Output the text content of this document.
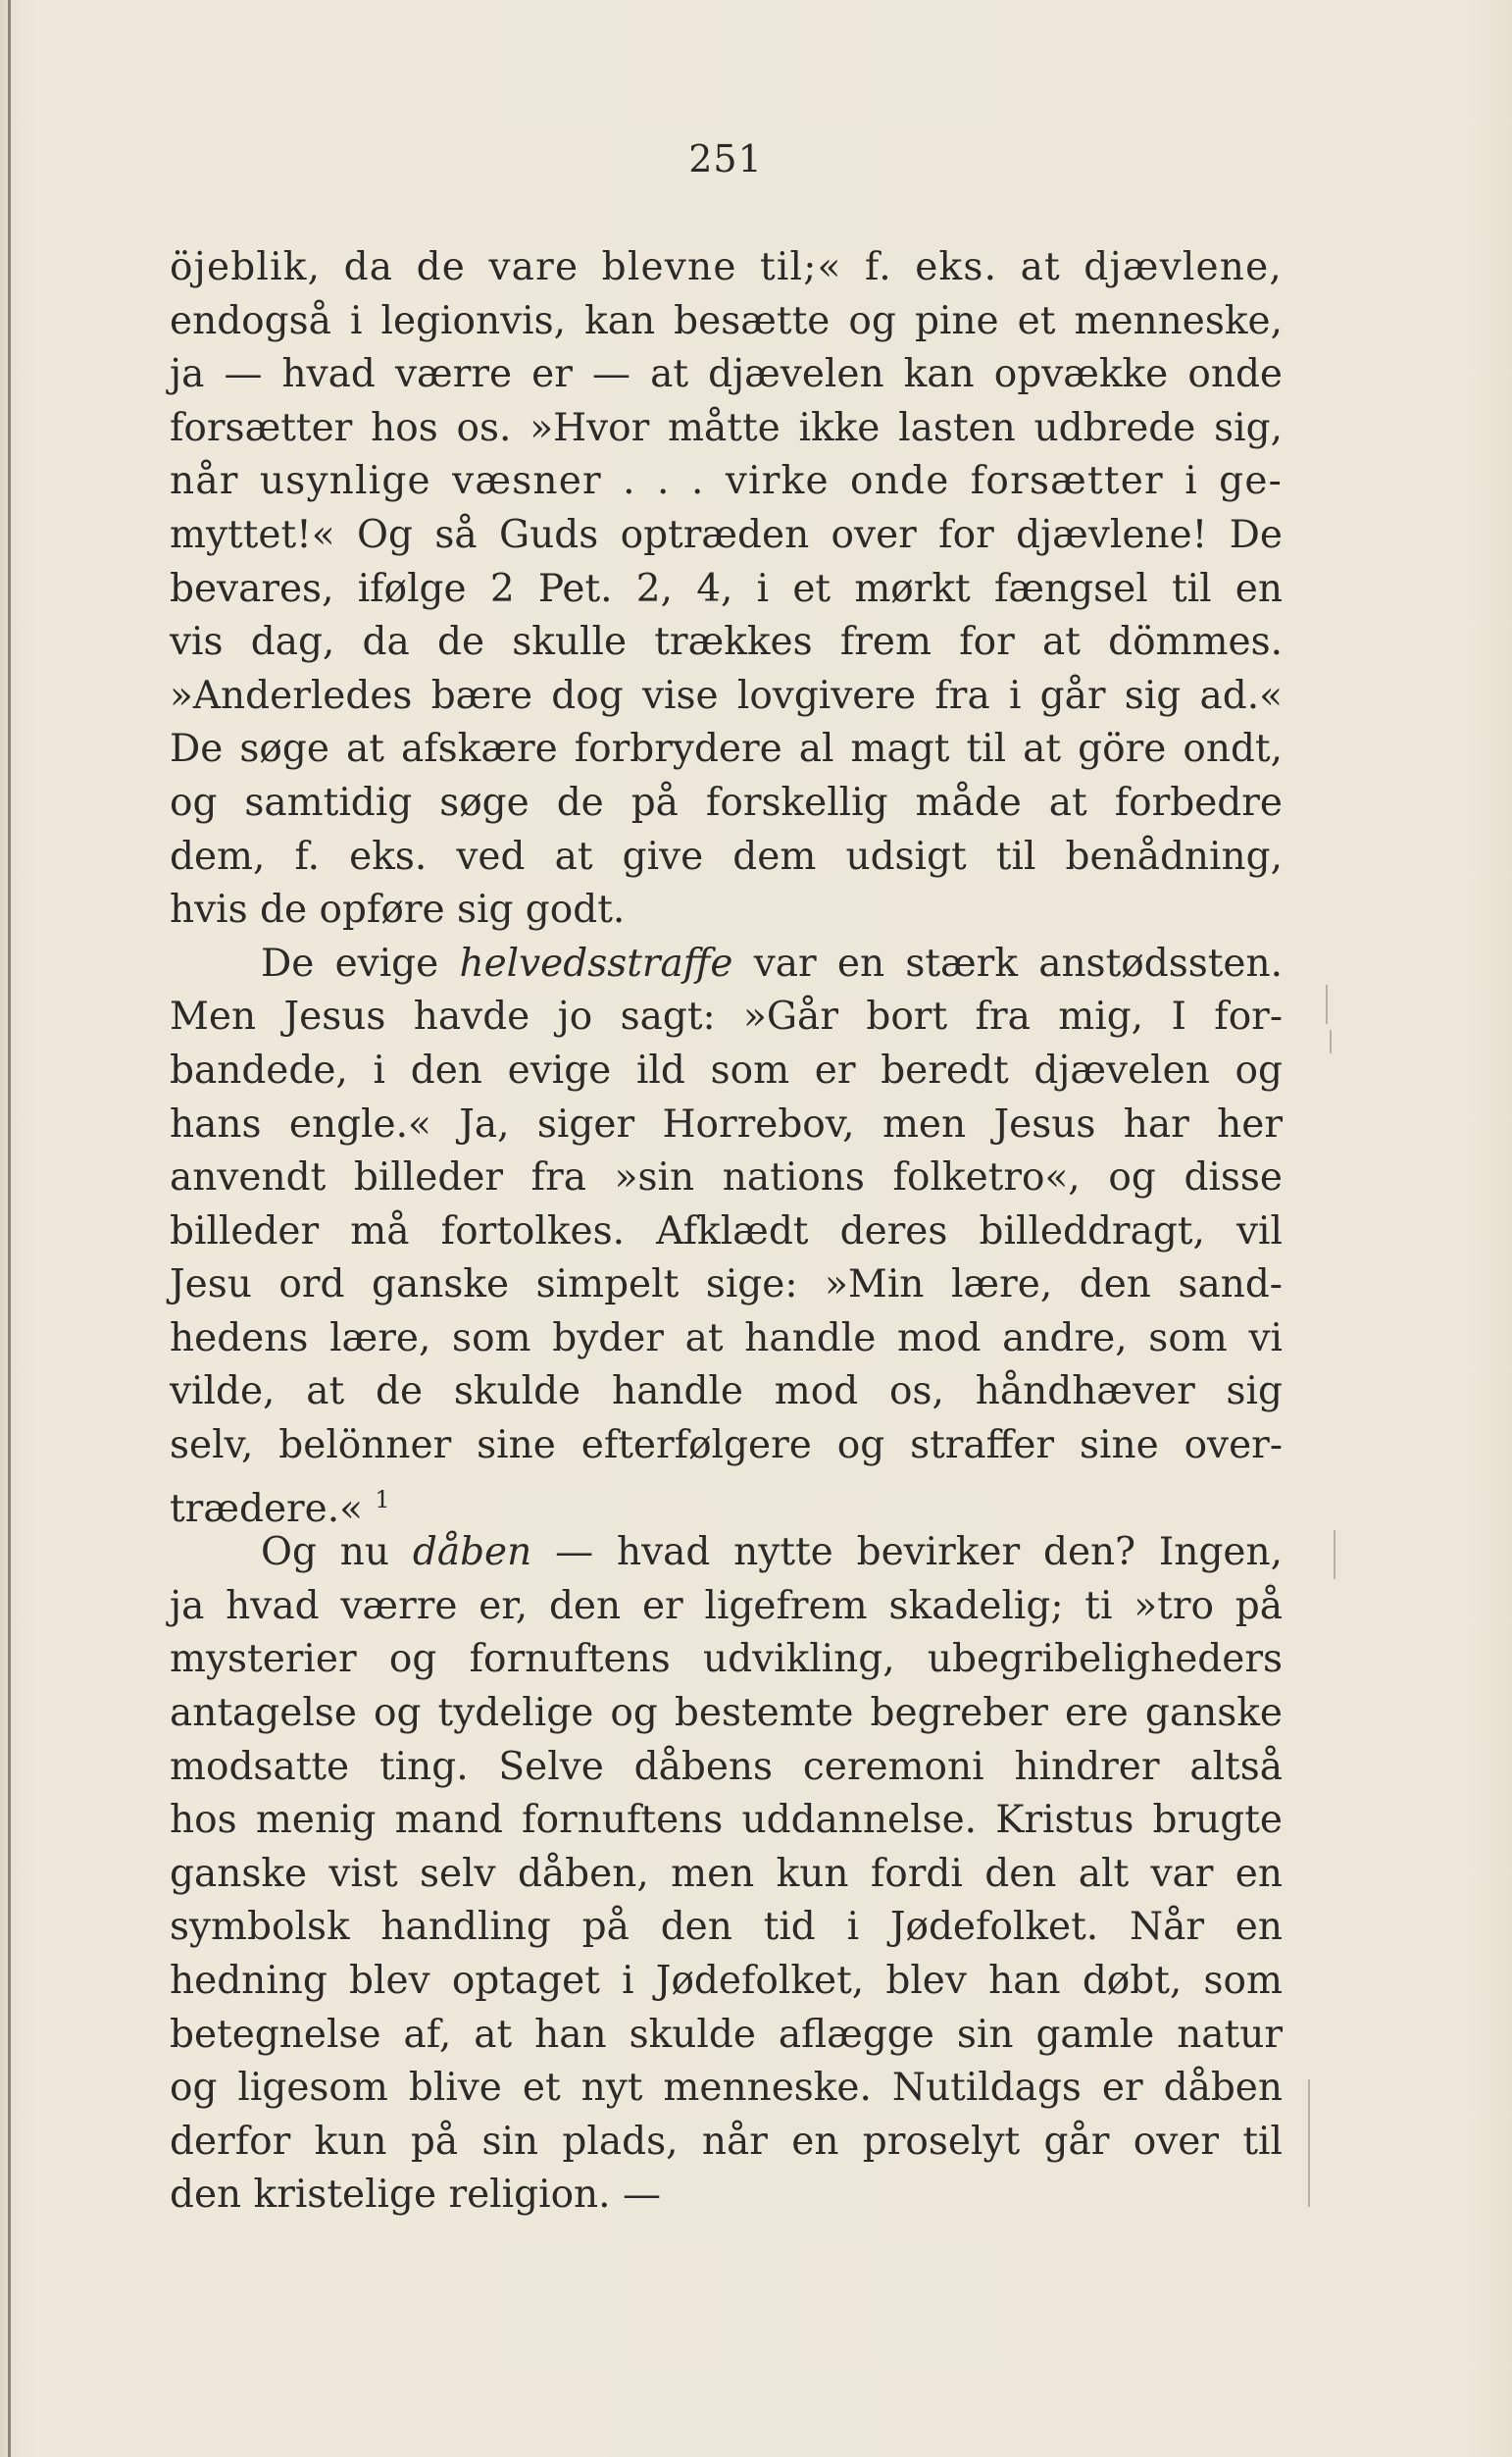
251
öjeblik, da de vare blevne til;« f. eks. at djævlene,
endogså i legionvis, kan besætte og pine et menneske,
ja — hvad værre er — at djævelen kan opvække onde
forsætter hos os. »Hvor måtte ikke lasten udbrede sig,
når usynlige væsner . . . virke onde forsætter i ge-
myttet!« Og så Guds optræden over for djævlene! De
bevares, ifølge 2 Pet. 2, 4, i et mørkt fængsel til en
vis dag, da de skulle trækkes frem for at dömmes.
»Anderledes bære dog vise lovgivere fra i går sig ad.«
De søge at afskære forbrydere al magt til at göre ondt,
og samtidig søge de på forskellig måde at forbedre
dem, f. eks. ved at give dem udsigt til benådning,
hvis de opføre sig godt.
De evige helvedsstraffe var en stærk anstødssten.
Men Jesus havde jo sagt: »Går bort fra mig, I for-
bandede, i den evige ild som er beredt djævelen og
hans engle.« Ja, siger Horrebov, men Jesus har her
anvendt billeder fra »sin nations folketro«, og disse
billeder må fortolkes. Afklædt deres billeddragt, vil
Jesu ord ganske simpelt sige: »Min lære, den sand-
hedens lære, som byder at handle mod andre, som vi
vilde, at de skulde handle mod os, håndhæver sig
selv, belönner sine efterfølgere og straffer sine over-
trædere.« $^1$
Og nu dåben — hvad nytte bevirker den? Ingen,
ja hvad værre er, den er ligefrem skadelig; ti »tro på
mysterier og fornuftens udvikling, ubegribeligheders
antagelse og tydelige og bestemte begreber ere ganske
modsatte ting. Selve dåbens ceremoni hindrer altså
hos menig mand fornuftens uddannelse. Kristus brugte
ganske vist selv dåben, men kun fordi den alt var en
symbolsk handling på den tid i Jødefolket. Når en
hedning blev optaget i Jødefolket, blev han døbt, som
betegnelse af, at han skulde aflægge sin gamle natur
og ligesom blive et nyt menneske. Nutildags er dåben
derfor kun på sin plads, når en proselyt går over til
den kristelige religion. —
